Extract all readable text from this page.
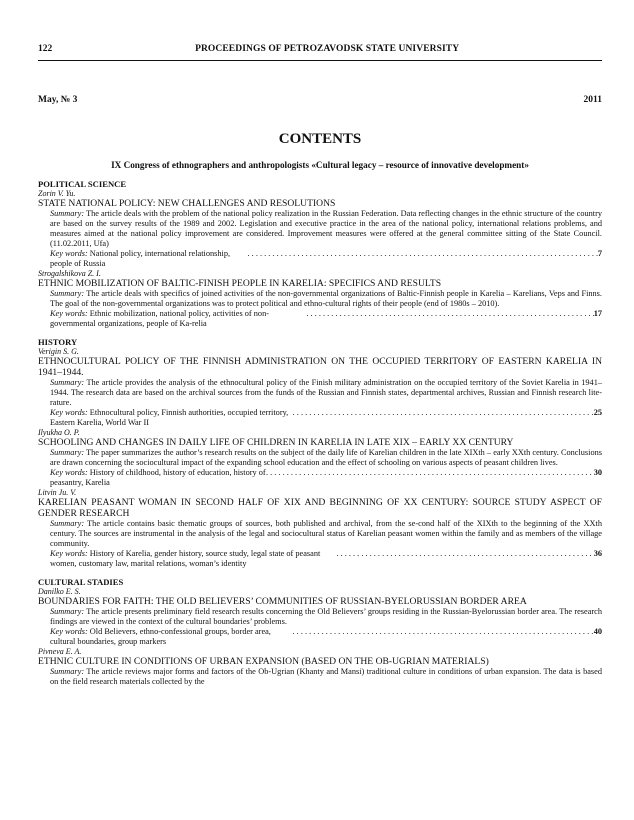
122	PROCEEDINGS OF PETROZAVODSK STATE UNIVERSITY
May, № 3	2011
CONTENTS
IX Congress of ethnographers and anthropologists «Cultural legacy – resource of innovative development»
POLITICAL SCIENCE
Zorin V. Yu.
STATE NATIONAL POLICY: NEW CHALLENGES AND RESOLUTIONS
Summary: The article deals with the problem of the national policy realization in the Russian Federation. Data reflecting changes in the ethnic structure of the country are based on the survey results of the 1989 and 2002. Legislation and executive practice in the area of the national policy, international relations problems, and measures aimed at the national policy improvement are considered. Improvement measures were offered at the general committee sitting of the State Council. (11.02.2011, Ufa)
Key words: National policy, international relationship, people of Russia
. . .
7
Strogalshikova Z. I.
ETHNIC MOBILIZATION OF BALTIC-FINISH PEOPLE IN KARELIA: SPECIFICS AND RESULTS
Summary: The article deals with specifics of joined activities of the non-governmental organizations of Baltic-Finnish people in Karelia – Karelians, Veps and Finns. The goal of the non-governmental organizations was to protect political and ethno-cultural rights of their people (end of 1980s – 2010).
Key words: Ethnic mobilization, national policy, activities of non-governmental organizations, people of Ka-relia
. . .
17
HISTORY
Verigin S. G.
ETHNOCULTURAL POLICY OF THE FINNISH ADMINISTRATION ON THE OCCUPIED TERRITORY OF EASTERN KARELIA IN 1941–1944.
Summary: The article provides the analysis of the ethnocultural policy of the Finish military administration on the occupied territory of the Soviet Karelia in 1941–1944. The research data are based on the archival sources from the funds of the Russian and Finnish states, departmental archives, Russian and Finnish research lite-rature.
Key words: Ethnocultural policy, Finnish authorities, occupied territory, Eastern Karelia, World War II
. . .
25
Ilyukha O. P.
SCHOOLING AND CHANGES IN DAILY LIFE OF CHILDREN IN KARELIA IN LATE XIX – EARLY XX CENTURY
Summary: The paper summarizes the author’s research results on the subject of the daily life of Karelian children in the late XIXth – early XXth century. Conclusions are drawn concerning the sociocultural impact of the expanding school education and the effect of schooling on various aspects of peasant children lives.
Key words: History of childhood, history of education, history of peasantry, Karelia
. . .
30
Litvin Ju. V.
KARELIAN PEASANT WOMAN IN SECOND HALF OF XIX AND BEGINNING OF XX CENTURY: SOURCE STUDY ASPECT OF GENDER RESEARCH
Summary: The article contains basic thematic groups of sources, both published and archival, from the se-cond half of the XIXth to the beginning of the XXth century. The sources are instrumental in the analysis of the legal and sociocultural status of Karelian peasant women within the family and as members of the village community.
Key words: History of Karelia, gender history, source study, legal state of peasant women, customary law, marital relations, woman’s identity
. . .
36
CULTURAL STADIES
Danilko E. S.
BOUNDARIES FOR FAITH: THE OLD BELIEVERS’ COMMUNITIES OF RUSSIAN-BYELORUSSIAN BORDER AREA
Summary: The article presents preliminary field research results concerning the Old Believers’ groups residing in the Russian-Byelorussian border area. The research findings are viewed in the context of the cultural boundaries’ problems.
Key words: Old Believers, ethno-confessional groups, border area, cultural boundaries, group markers
. . .
40
Pivneva E. A.
ETHNIC CULTURE IN CONDITIONS OF URBAN EXPANSION (BASED ON THE OB-UGRIAN MATERIALS)
Summary: The article reviews major forms and factors of the Ob-Ugrian (Khanty and Mansi) traditional culture in conditions of urban expansion. The data is based on the field research materials collected by the
